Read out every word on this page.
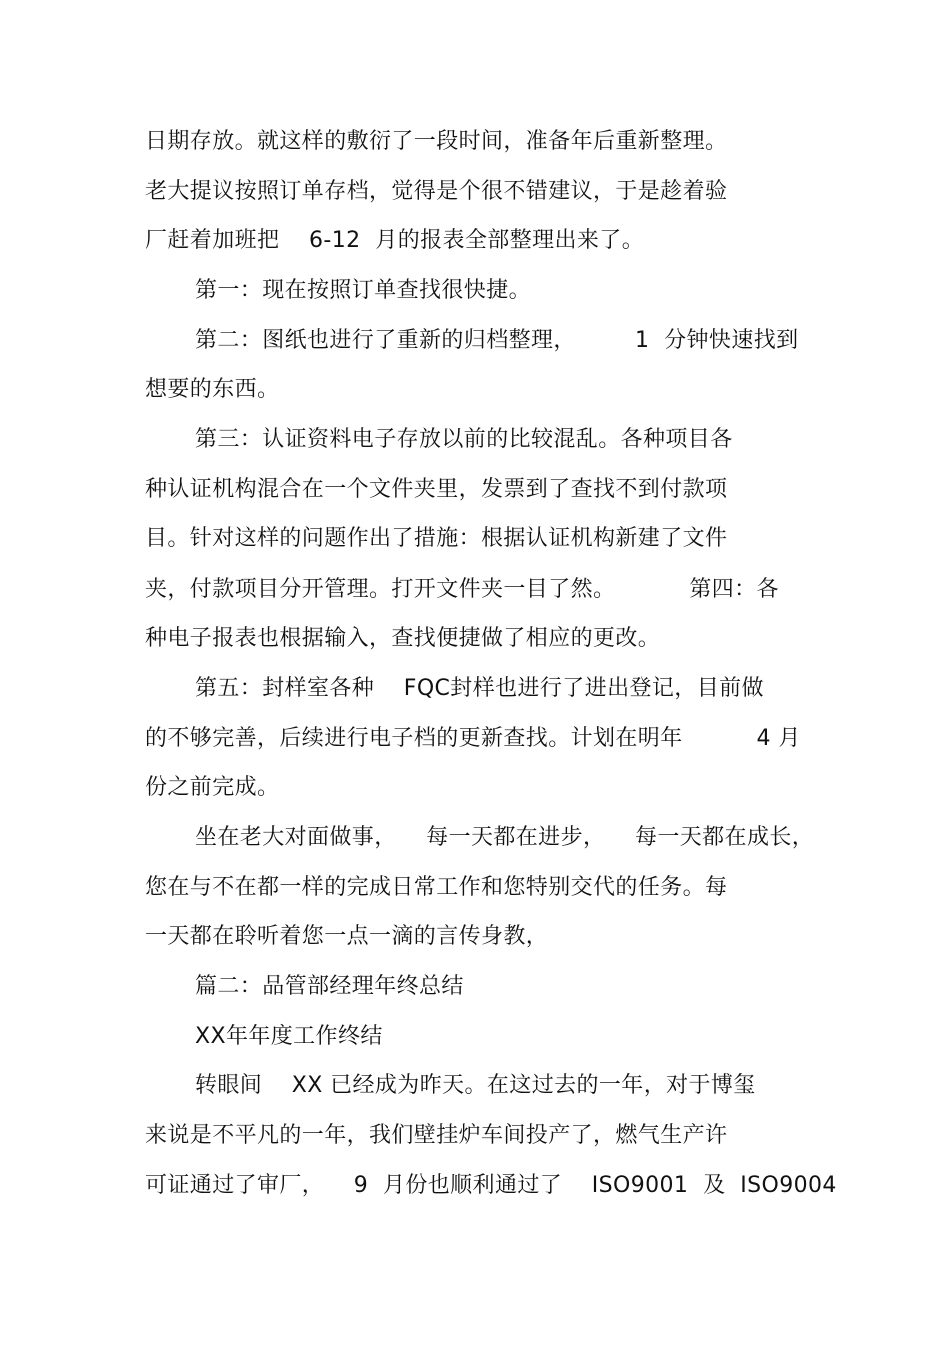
日期存放。就这样的敷衍了一段时间，准备年后重新整理。
老大提议按照订单存档，觉得是个很不错建议，于是趁着验
厂赶着加班把    6-12  月的报表全部整理出来了。
第一：现在按照订单查找很快捷。
第二：图纸也进行了重新的归档整理，        1  分钟快速找到
想要的东西。
第三：认证资料电子存放以前的比较混乱。各种项目各
种认证机构混合在一个文件夹里，发票到了查找不到付款项
目。针对这样的问题作出了措施：根据认证机构新建了文件
夹，付款项目分开管理。打开文件夹一目了然。          第四：各
种电子报表也根据输入，查找便捷做了相应的更改。
第五：封样室各种    FQC封样也进行了进出登记，目前做
的不够完善，后续进行电子档的更新查找。计划在明年          4 月
份之前完成。
坐在老大对面做事，    每一天都在进步，    每一天都在成长，
您在与不在都一样的完成日常工作和您特别交代的任务。每
一天都在聆听着您一点一滴的言传身教，
篇二：品管部经理年终总结
XX年年度工作终结
转眼间    XX 已经成为昨天。在这过去的一年，对于博玺
来说是不平凡的一年，我们壁挂炉车间投产了，燃气生产许
可证通过了审厂，    9  月份也顺利通过了    ISO9001  及  ISO9004
